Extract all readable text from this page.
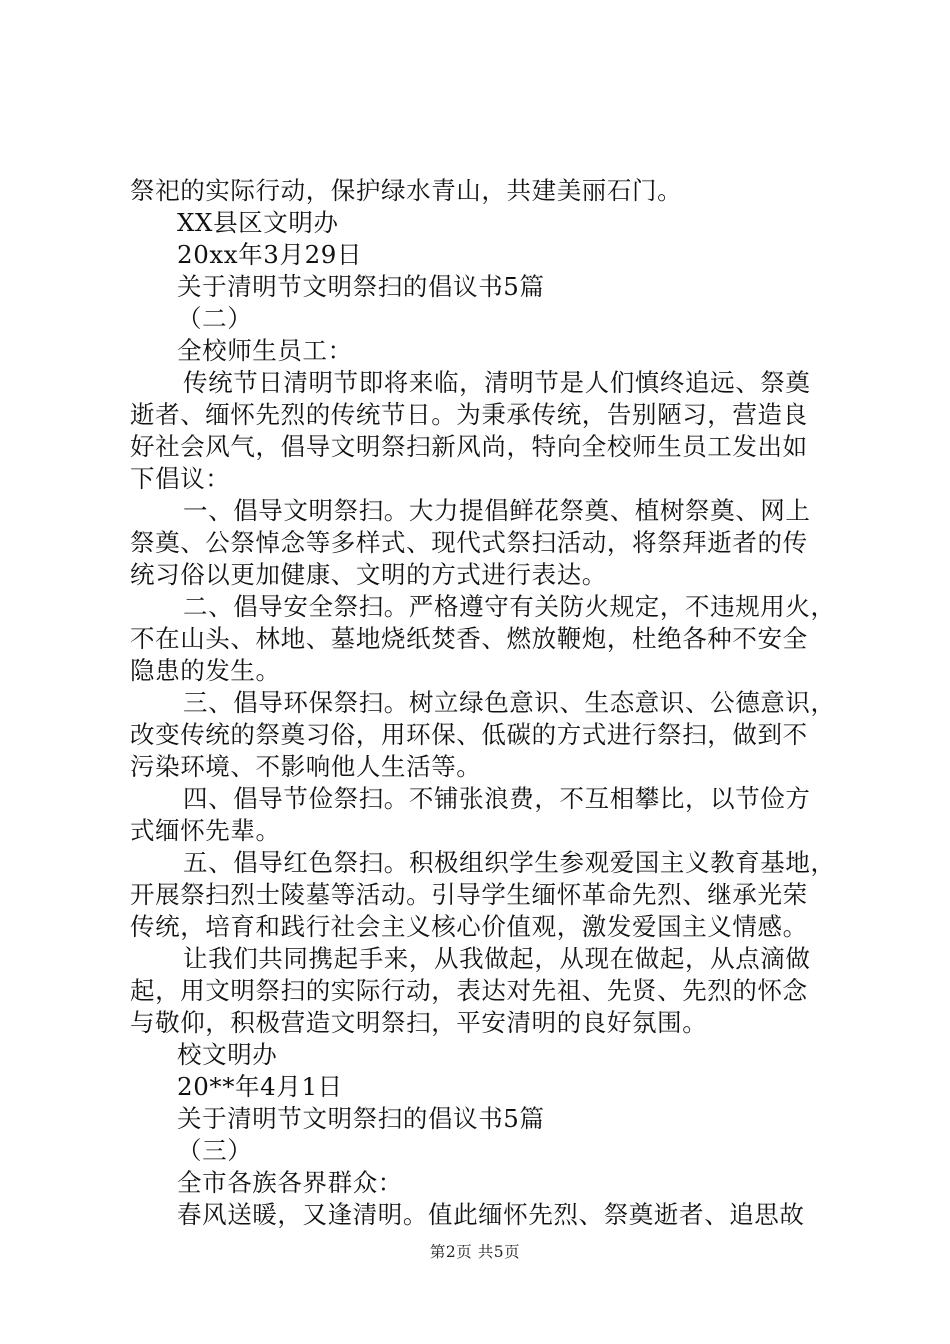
祭祀的实际行动，保护绿水青山，共建美丽石门。
XX县区文明办
20xx年3月29日
关于清明节文明祭扫的倡议书5篇
（二）
全校师生员工：
传统节日清明节即将来临，清明节是人们慎终追远、祭奠
逝者、缅怀先烈的传统节日。为秉承传统，告别陋习，营造良
好社会风气，倡导文明祭扫新风尚，特向全校师生员工发出如
下倡议：
一、倡导文明祭扫。大力提倡鲜花祭奠、植树祭奠、网上
祭奠、公祭悼念等多样式、现代式祭扫活动，将祭拜逝者的传
统习俗以更加健康、文明的方式进行表达。
二、倡导安全祭扫。严格遵守有关防火规定，不违规用火，
不在山头、林地、墓地烧纸焚香、燃放鞭炮，杜绝各种不安全
隐患的发生。
三、倡导环保祭扫。树立绿色意识、生态意识、公德意识，
改变传统的祭奠习俗，用环保、低碳的方式进行祭扫，做到不
污染环境、不影响他人生活等。
四、倡导节俭祭扫。不铺张浪费，不互相攀比，以节俭方
式缅怀先辈。
五、倡导红色祭扫。积极组织学生参观爱国主义教育基地，
开展祭扫烈士陵墓等活动。引导学生缅怀革命先烈、继承光荣
传统，培育和践行社会主义核心价值观，激发爱国主义情感。
让我们共同携起手来，从我做起，从现在做起，从点滴做
起，用文明祭扫的实际行动，表达对先祖、先贤、先烈的怀念
与敬仰，积极营造文明祭扫，平安清明的良好氛围。
校文明办
20**年4月1日
关于清明节文明祭扫的倡议书5篇
（三）
全市各族各界群众：
春风送暖，又逢清明。值此缅怀先烈、祭奠逝者、追思故
第2页 共5页
